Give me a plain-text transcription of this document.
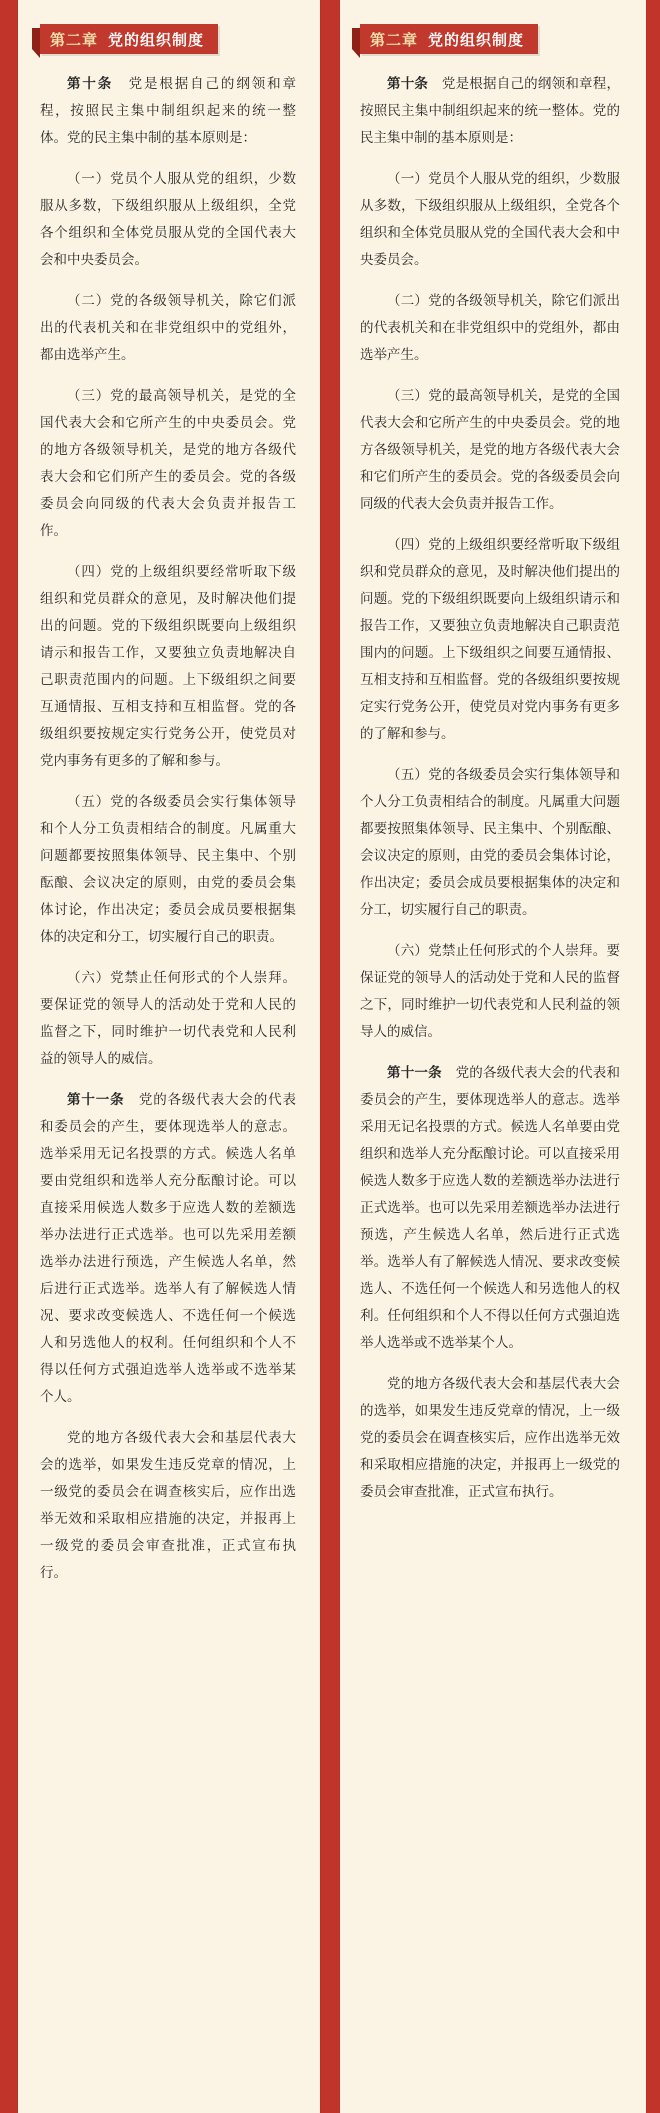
第二章 党的组织制度

第十条　党是根据自己的纲领和章程，按照民主集中制组织起来的统一整体。党的民主集中制的基本原则是：

（一）党员个人服从党的组织，少数服从多数，下级组织服从上级组织，全党各个组织和全体党员服从党的全国代表大会和中央委员会。

（二）党的各级领导机关，除它们派出的代表机关和在非党组织中的党组外，都由选举产生。

（三）党的最高领导机关，是党的全国代表大会和它所产生的中央委员会。党的地方各级领导机关，是党的地方各级代表大会和它们所产生的委员会。党的各级委员会向同级的代表大会负责并报告工作。

（四）党的上级组织要经常听取下级组织和党员群众的意见，及时解决他们提出的问题。党的下级组织既要向上级组织请示和报告工作，又要独立负责地解决自己职责范围内的问题。上下级组织之间要互通情报、互相支持和互相监督。党的各级组织要按规定实行党务公开，使党员对党内事务有更多的了解和参与。

（五）党的各级委员会实行集体领导和个人分工负责相结合的制度。凡属重大问题都要按照集体领导、民主集中、个别酝酿、会议决定的原则，由党的委员会集体讨论，作出决定；委员会成员要根据集体的决定和分工，切实履行自己的职责。

（六）党禁止任何形式的个人崇拜。要保证党的领导人的活动处于党和人民的监督之下，同时维护一切代表党和人民利益的领导人的威信。

第十一条　党的各级代表大会的代表和委员会的产生，要体现选举人的意志。选举采用无记名投票的方式。候选人名单要由党组织和选举人充分酝酿讨论。可以直接采用候选人数多于应选人数的差额选举办法进行正式选举。也可以先采用差额选举办法进行预选，产生候选人名单，然后进行正式选举。选举人有了解候选人情况、要求改变候选人、不选任何一个候选人和另选他人的权利。任何组织和个人不得以任何方式强迫选举人选举或不选举某个人。

党的地方各级代表大会和基层代表大会的选举，如果发生违反党章的情况，上一级党的委员会在调查核实后，应作出选举无效和采取相应措施的决定，并报再上一级党的委员会审查批准，正式宣布执行。

第二章 党的组织制度

第十条　党是根据自己的纲领和章程，按照民主集中制组织起来的统一整体。党的民主集中制的基本原则是：

（一）党员个人服从党的组织，少数服从多数，下级组织服从上级组织，全党各个组织和全体党员服从党的全国代表大会和中央委员会。

（二）党的各级领导机关，除它们派出的代表机关和在非党组织中的党组外，都由选举产生。

（三）党的最高领导机关，是党的全国代表大会和它所产生的中央委员会。党的地方各级领导机关，是党的地方各级代表大会和它们所产生的委员会。党的各级委员会向同级的代表大会负责并报告工作。

（四）党的上级组织要经常听取下级组织和党员群众的意见，及时解决他们提出的问题。党的下级组织既要向上级组织请示和报告工作，又要独立负责地解决自己职责范围内的问题。上下级组织之间要互通情报、互相支持和互相监督。党的各级组织要按规定实行党务公开，使党员对党内事务有更多的了解和参与。

（五）党的各级委员会实行集体领导和个人分工负责相结合的制度。凡属重大问题都要按照集体领导、民主集中、个别酝酿、会议决定的原则，由党的委员会集体讨论，作出决定；委员会成员要根据集体的决定和分工，切实履行自己的职责。

（六）党禁止任何形式的个人崇拜。要保证党的领导人的活动处于党和人民的监督之下，同时维护一切代表党和人民利益的领导人的威信。

第十一条　党的各级代表大会的代表和委员会的产生，要体现选举人的意志。选举采用无记名投票的方式。候选人名单要由党组织和选举人充分酝酿讨论。可以直接采用候选人数多于应选人数的差额选举办法进行正式选举。也可以先采用差额选举办法进行预选，产生候选人名单，然后进行正式选举。选举人有了解候选人情况、要求改变候选人、不选任何一个候选人和另选他人的权利。任何组织和个人不得以任何方式强迫选举人选举或不选举某个人。

党的地方各级代表大会和基层代表大会的选举，如果发生违反党章的情况，上一级党的委员会在调查核实后，应作出选举无效和采取相应措施的决定，并报再上一级党的委员会审查批准，正式宣布执行。
